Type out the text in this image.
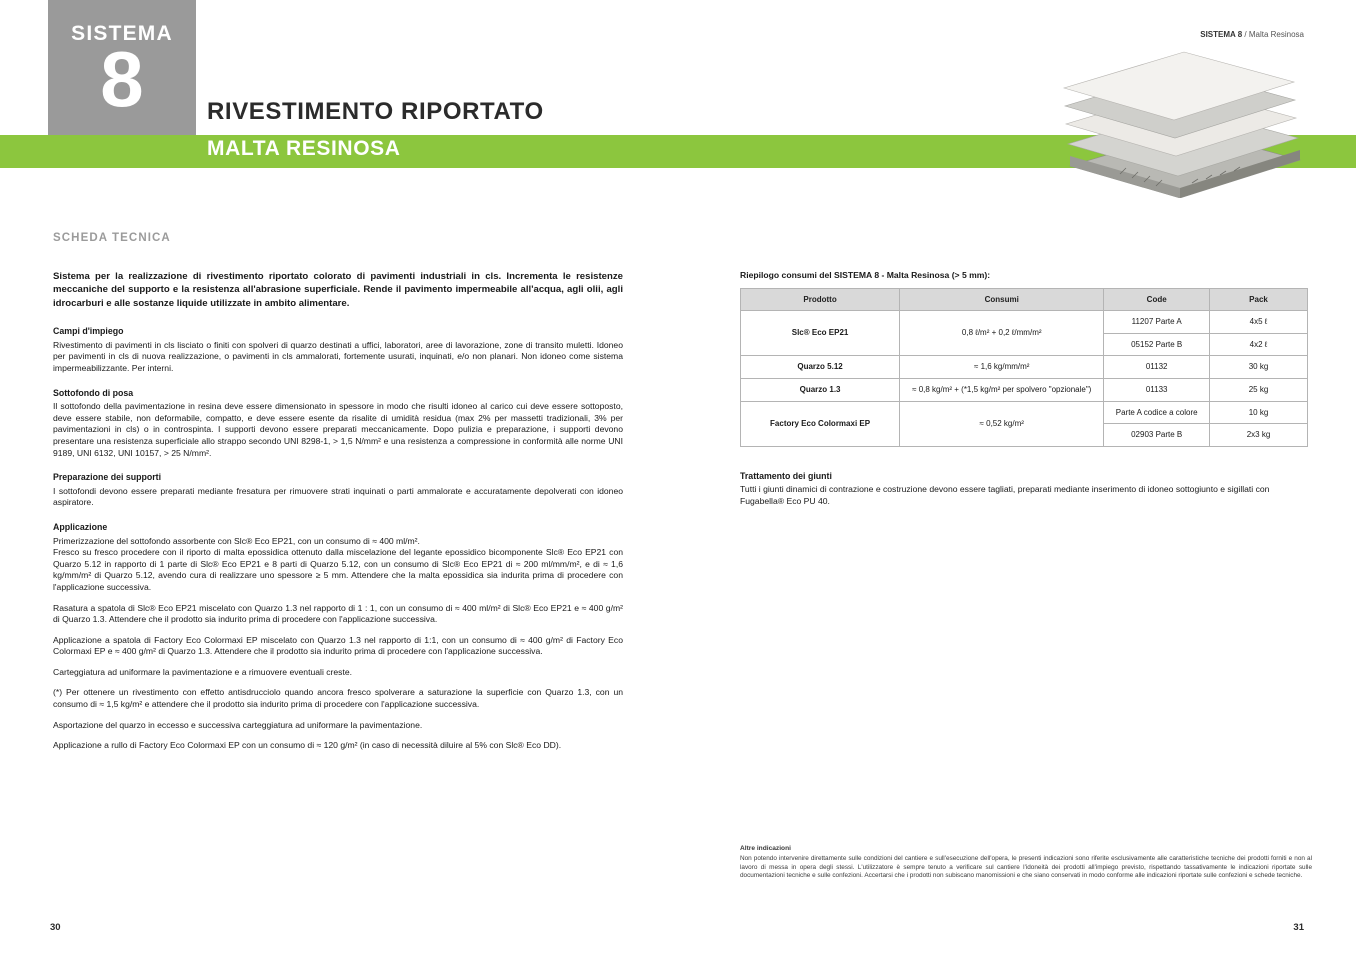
SISTEMA
8
SISTEMA 8 / Malta Resinosa
RIVESTIMENTO RIPORTATO
MALTA RESINOSA
SCHEDA TECNICA
Sistema per la realizzazione di rivestimento riportato colorato di pavimenti industriali in cls. Incrementa le resistenze meccaniche del supporto e la resistenza all'abrasione superficiale. Rende il pavimento impermeabile all'acqua, agli olii, agli idrocarburi e alle sostanze liquide utilizzate in ambito alimentare.
Campi d'impiego
Rivestimento di pavimenti in cls lisciato o finiti con spolveri di quarzo destinati a uffici, laboratori, aree di lavorazione, zone di transito muletti. Idoneo per pavimenti in cls di nuova realizzazione, o pavimenti in cls ammalorati, fortemente usurati, inquinati, e/o non planari. Non idoneo come sistema impermeabilizzante. Per interni.
Sottofondo di posa
Il sottofondo della pavimentazione in resina deve essere dimensionato in spessore in modo che risulti idoneo al carico cui deve essere sottoposto, deve essere stabile, non deformabile, compatto, e deve essere esente da risalite di umidità residua (max 2% per massetti tradizionali, 3% per pavimentazioni in cls) o in controspinta. I supporti devono essere preparati meccanicamente. Dopo pulizia e preparazione, i supporti devono presentare una resistenza superficiale allo strappo secondo UNI 8298-1, > 1,5 N/mm² e una resistenza a compressione in conformità alle norme UNI 9189, UNI 6132, UNI 10157, > 25 N/mm².
Preparazione dei supporti
I sottofondi devono essere preparati mediante fresatura per rimuovere strati inquinati o parti ammalorate e accuratamente depolverati con idoneo aspiratore.
Applicazione
Primerizzazione del sottofondo assorbente con Slc® Eco EP21, con un consumo di ≈ 400 ml/m².
Fresco su fresco procedere con il riporto di malta epossidica ottenuto dalla miscelazione del legante epossidico bicomponente Slc® Eco EP21 con Quarzo 5.12 in rapporto di 1 parte di Slc® Eco EP21 e 8 parti di Quarzo 5.12, con un consumo di Slc® Eco EP21 di ≈ 200 ml/mm/m², e di ≈ 1,6 kg/mm/m² di Quarzo 5.12, avendo cura di realizzare uno spessore ≥ 5 mm. Attendere che la malta epossidica sia indurita prima di procedere con l'applicazione successiva.
Rasatura a spatola di Slc® Eco EP21 miscelato con Quarzo 1.3 nel rapporto di 1 : 1, con un consumo di ≈ 400 ml/m² di Slc® Eco EP21 e ≈ 400 g/m² di Quarzo 1.3. Attendere che il prodotto sia indurito prima di procedere con l'applicazione successiva.
Applicazione a spatola di Factory Eco Colormaxi EP miscelato con Quarzo 1.3 nel rapporto di 1:1, con un consumo di ≈ 400 g/m² di Factory Eco Colormaxi EP e ≈ 400 g/m² di Quarzo 1.3. Attendere che il prodotto sia indurito prima di procedere con l'applicazione successiva.
Carteggiatura ad uniformare la pavimentazione e a rimuovere eventuali creste.
(*) Per ottenere un rivestimento con effetto antisdrucciolo quando ancora fresco spolverare a saturazione la superficie con Quarzo 1.3, con un consumo di ≈ 1,5 kg/m² e attendere che il prodotto sia indurito prima di procedere con l'applicazione successiva.
Asportazione del quarzo in eccesso e successiva carteggiatura ad uniformare la pavimentazione.
Applicazione a rullo di Factory Eco Colormaxi EP con un consumo di ≈ 120 g/m² (in caso di necessità diluire al 5% con Slc® Eco DD).
Riepilogo consumi del SISTEMA 8 - Malta Resinosa (> 5 mm):
Prodotto	Consumi	Code	Pack
Slc® Eco EP21	0,8 ℓ/m² + 0,2 ℓ/mm/m²	11207 Parte A	4x5 ℓ
		05152 Parte B	4x2 ℓ
Quarzo 5.12	≈ 1,6 kg/mm/m²	01132	30 kg
Quarzo 1.3	≈ 0,8 kg/m² + (*1,5 kg/m² per spolvero "opzionale")	01133	25 kg
Factory Eco Colormaxi EP	≈ 0,52 kg/m²	Parte A codice a colore	10 kg
		02903 Parte B	2x3 kg
Trattamento dei giunti
Tutti i giunti dinamici di contrazione e costruzione devono essere tagliati, preparati mediante inserimento di idoneo sottogiunto e sigillati con Fugabella® Eco PU 40.
Altre indicazioni
Non potendo intervenire direttamente sulle condizioni del cantiere e sull'esecuzione dell'opera, le presenti indicazioni sono riferite esclusivamente alle caratteristiche tecniche dei prodotti forniti e non al lavoro di messa in opera degli stessi. L'utilizzatore è sempre tenuto a verificare sul cantiere l'idoneità dei prodotti all'impiego previsto, rispettando tassativamente le indicazioni riportate sulle documentazioni tecniche e sulle confezioni. Accertarsi che i prodotti non subiscano manomissioni e che siano conservati in modo conforme alle indicazioni riportate sulle confezioni e schede tecniche.
30	31
